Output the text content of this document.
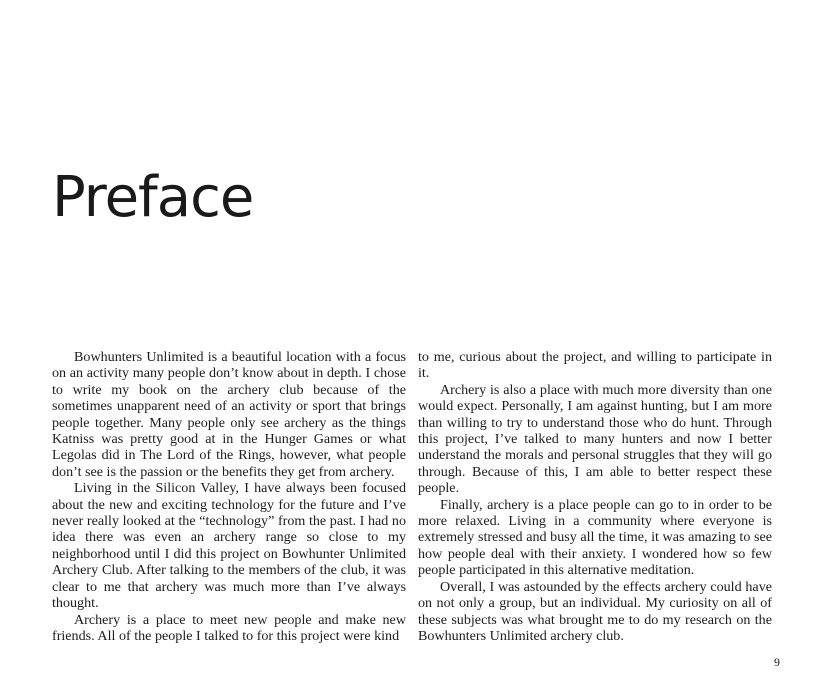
Preface

Bowhunters Unlimited is a beautiful location with a focus on an activity many people don’t know about in depth. I chose to write my book on the archery club because of the sometimes unapparent need of an activity or sport that brings people together. Many people only see archery as the things Katniss was pretty good at in the Hunger Games or what Legolas did in The Lord of the Rings, however, what people don’t see is the passion or the benefits they get from archery.

Living in the Silicon Valley, I have always been focused about the new and exciting technology for the future and I’ve never really looked at the “technology” from the past. I had no idea there was even an archery range so close to my neighborhood until I did this project on Bowhunter Unlimited Archery Club. After talking to the members of the club, it was clear to me that archery was much more than I’ve always thought.

Archery is a place to meet new people and make new friends. All of the people I talked to for this project were kind

to me, curious about the project, and willing to participate in it.

Archery is also a place with much more diversity than one would expect. Personally, I am against hunting, but I am more than willing to try to understand those who do hunt. Through this project, I’ve talked to many hunters and now I better understand the morals and personal struggles that they will go through. Because of this, I am able to better respect these people.

Finally, archery is a place people can go to in order to be more relaxed. Living in a community where everyone is extremely stressed and busy all the time, it was amazing to see how people deal with their anxiety. I wondered how so few people participated in this alternative meditation.

Overall, I was astounded by the effects archery could have on not only a group, but an individual. My curiosity on all of these subjects was what brought me to do my research on the Bowhunters Unlimited archery club.

9
